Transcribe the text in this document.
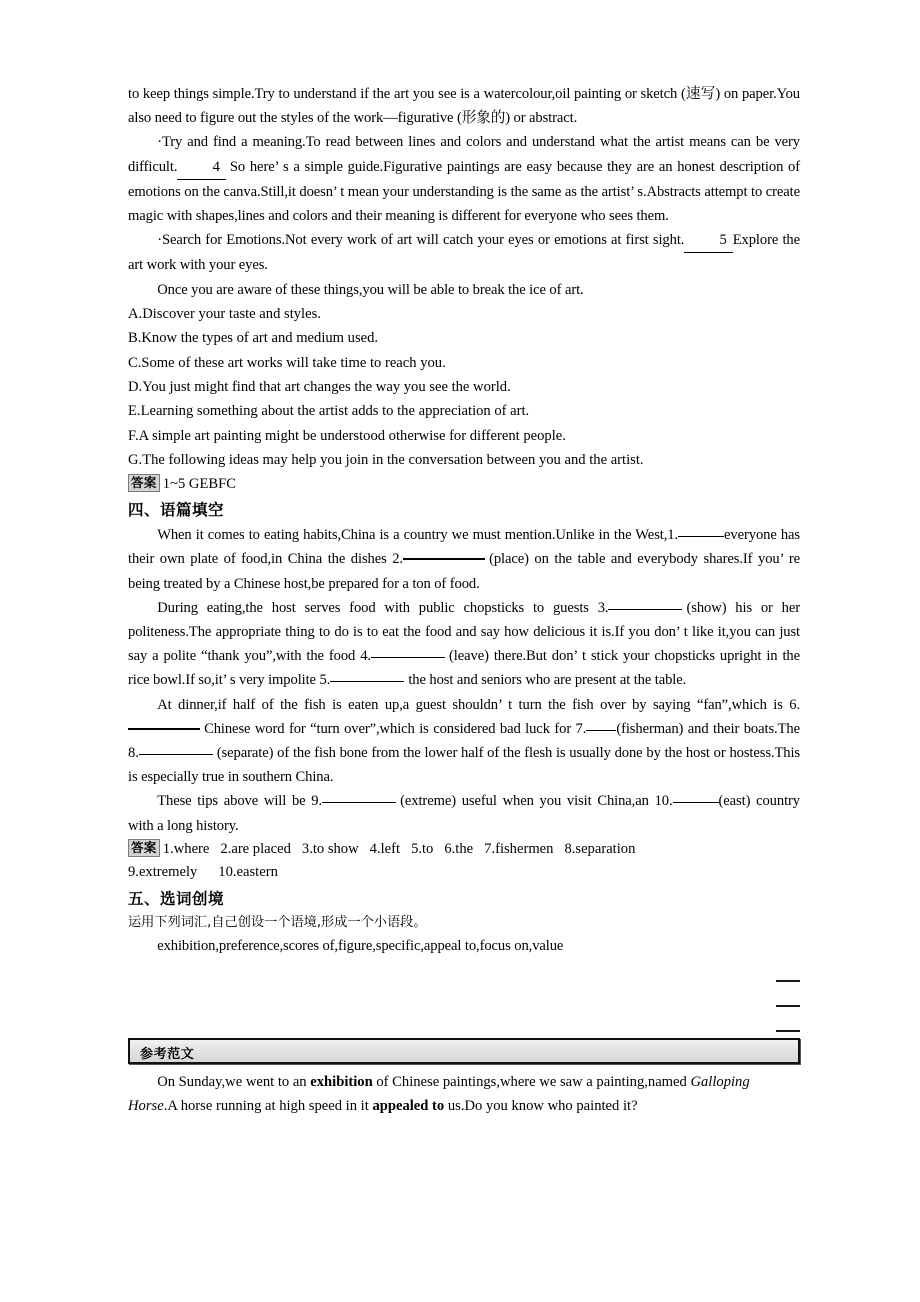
to keep things simple.Try to understand if the art you see is a watercolour,oil painting or sketch (速写) on paper.You also need to figure out the styles of the work—figurative (形象的) or abstract.

·Try and find a meaning.To read between lines and colors and understand what the artist means can be very difficult. 4 So here’ s a simple guide.Figurative paintings are easy because they are an honest description of emotions on the canva.Still,it doesn’ t mean your understanding is the same as the artist’ s.Abstracts attempt to create magic with shapes,lines and colors and their meaning is different for everyone who sees them.

·Search for Emotions.Not every work of art will catch your eyes or emotions at first sight. 5 Explore the art work with your eyes.

Once you are aware of these things,you will be able to break the ice of art.

A.Discover your taste and styles.

B.Know the types of art and medium used.

C.Some of these art works will take time to reach you.

D.You just might find that art changes the way you see the world.

E.Learning something about the artist adds to the appreciation of art.

F.A simple art painting might be understood otherwise for different people.

G.The following ideas may help you join in the conversation between you and the artist.

答案 1~5 GEBFC

四、语篇填空

When it comes to eating habits,China is a country we must mention.Unlike in the West,1.	everyone has their own plate of food,in China the dishes 2.	(place) on the table and everybody shares.If you’ re being treated by a Chinese host,be prepared for a ton of food.

During eating,the host serves food with public chopsticks to guests 3.	(show) his or her politeness.The appropriate thing to do is to eat the food and say how delicious it is.If you don’ t like it,you can just say a polite “thank you”,with the food 4.	(leave) there.But don’ t stick your chopsticks upright in the rice bowl.If so,it’ s very impolite 5.	the host and seniors who are present at the table.

At dinner,if half of the fish is eaten up,a guest shouldn’ t turn the fish over by saying “fan”,which is 6.Chinese word for “turn over”,which is considered bad luck for 7. (fisherman) and their boats.The 8.	(separate) of the fish bone from the lower half of the flesh is usually done by the host or hostess.This is especially true in southern China.

These tips above will be 9.	(extreme) useful when you visit China,an 10.	(east) country with a long history.

答案 1.where 2.are placed 3.to show 4.left 5.to 6.the 7.fishermen 8.separation

9.extremely 10.eastern

五、选词创境

运用下列词汇,自己创设一个语境,形成一个小语段。

exhibition,preference,scores of,figure,specific,appeal to,focus on,value

参考范文

On Sunday,we went to an exhibition of Chinese paintings,where we saw a painting,named Galloping Horse.A horse running at high speed in it appealed to us.Do you know who painted it?
